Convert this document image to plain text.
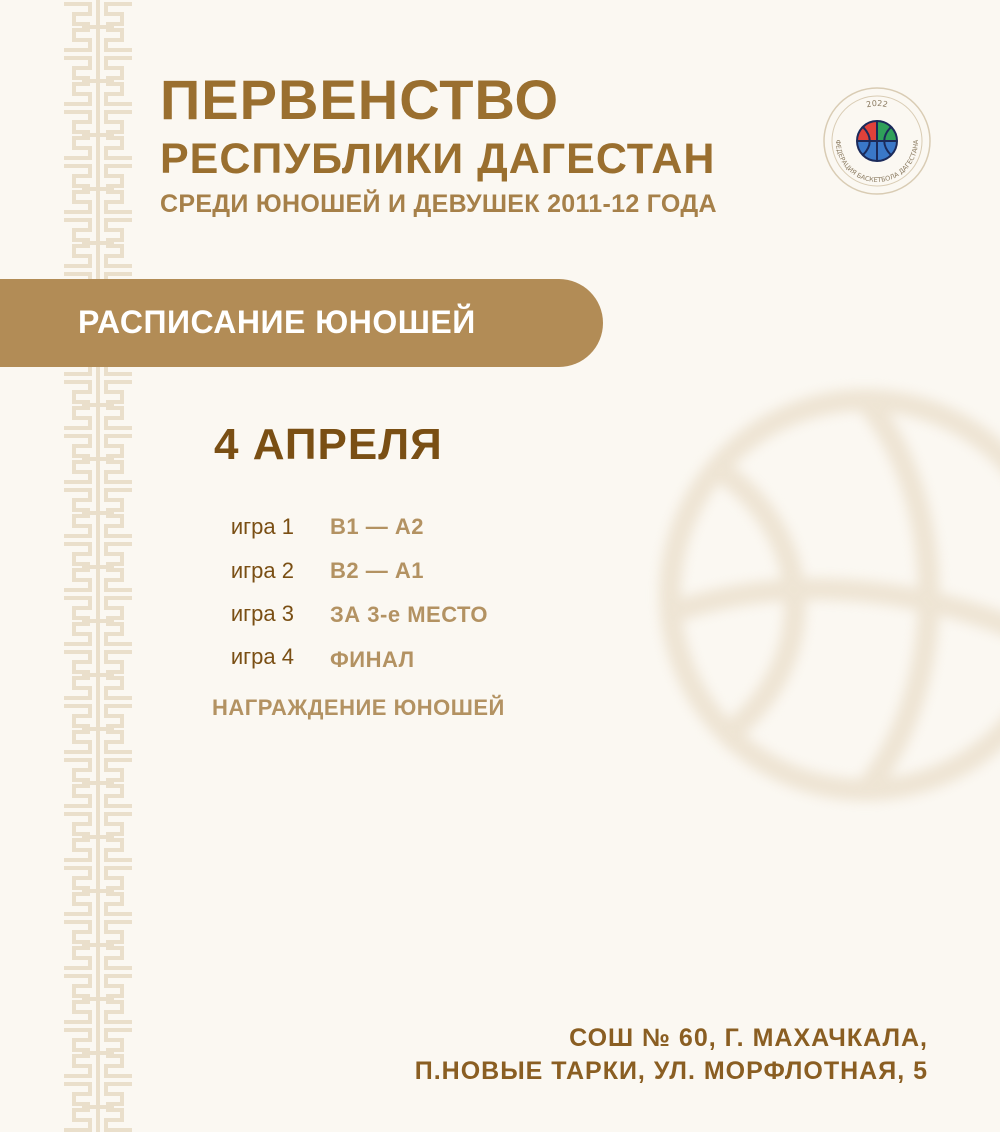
ПЕРВЕНСТВО
РЕСПУБЛИКИ ДАГЕСТАН

СРЕДИ ЮНОШЕЙ И ДЕВУШЕК 2011-12 ГОДА

2022
ФЕДЕРАЦИЯ БАСКЕТБОЛА ДАГЕСТАНА

РАСПИСАНИЕ ЮНОШЕЙ

4 АПРЕЛЯ

игра 1 В1 — А2
игра 2 В2 — А1
игра 3 ЗА 3-е МЕСТО
игра 4 ФИНАЛ
НАГРАЖДЕНИЕ ЮНОШЕЙ
СОШ № 60, Г. МАХАЧКАЛА,
П.НОВЫЕ ТАРКИ, УЛ. МОРФЛОТНАЯ, 5
